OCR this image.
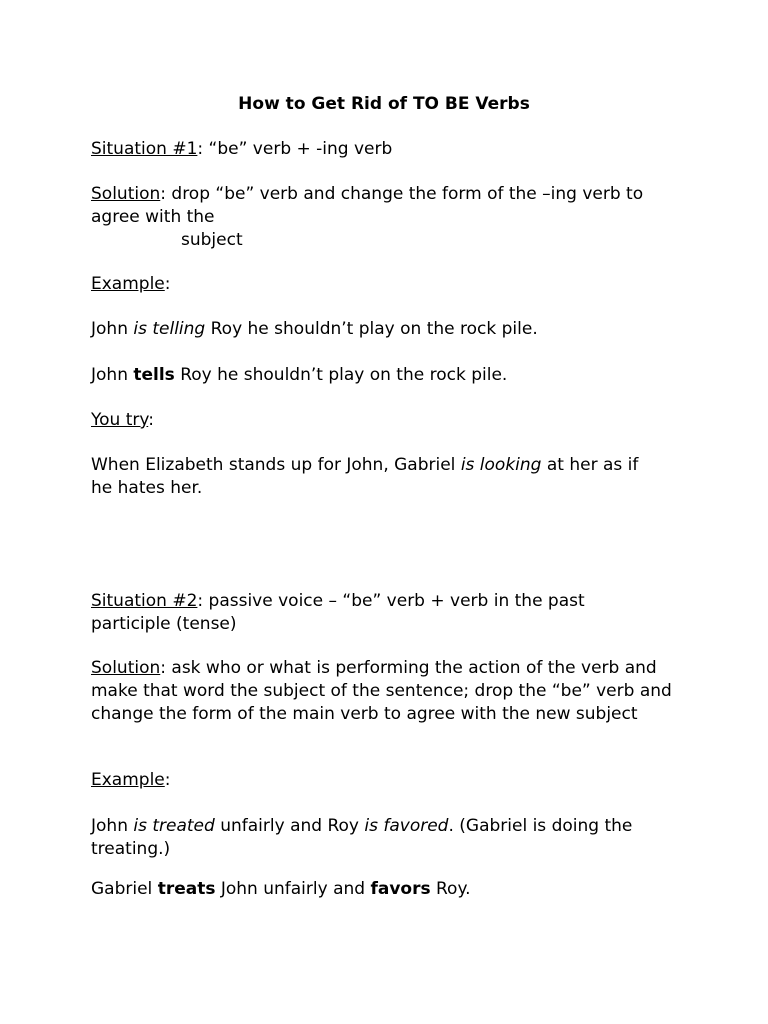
How to Get Rid of TO BE Verbs

Situation #1: “be” verb + -ing verb

Solution: drop “be” verb and change the form of the –ing verb to agree with the
subject

Example:

John is telling Roy he shouldn’t play on the rock pile.

John tells Roy he shouldn’t play on the rock pile.

You try:

When Elizabeth stands up for John, Gabriel is looking at her as if he hates her.

Situation #2: passive voice – “be” verb + verb in the past participle (tense)

Solution: ask who or what is performing the action of the verb and make that word the subject of the sentence; drop the “be” verb and change the form of the main verb to agree with the new subject

Example:

John is treated unfairly and Roy is favored. (Gabriel is doing the treating.)

Gabriel treats John unfairly and favors Roy.
